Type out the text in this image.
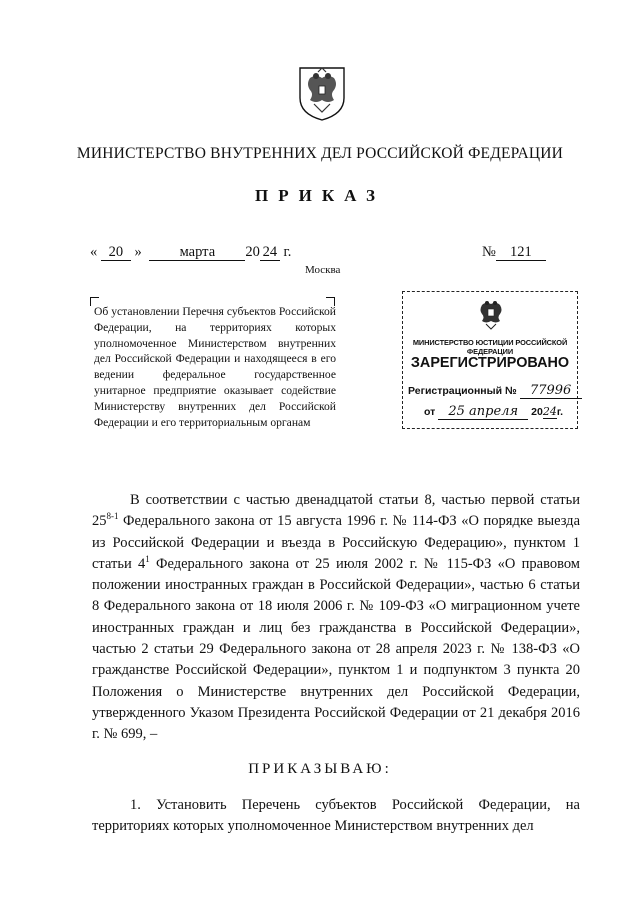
МИНИСТЕРСТВО ВНУТРЕННИХ ДЕЛ РОССИЙСКОЙ ФЕДЕРАЦИИ
ПРИКАЗ
« 20 »	марта 20 24 г.	№ 121
Москва
Об установлении Перечня субъектов Российской Федерации, на территориях которых уполномоченное Министерством внутренних дел Российской Федерации и находящееся в его ведении федеральное государственное унитарное предприятие оказывает содействие Министерству внутренних дел Российской Федерации и его территориальным органам
МИНИСТЕРСТВО ЮСТИЦИИ РОССИЙСКОЙ ФЕДЕРАЦИИ
ЗАРЕГИСТРИРОВАНО
Регистрационный № 77996
от 25 апреля 2024г.
В соответствии с частью двенадцатой статьи 8, частью первой статьи 25$^{8-1}$ Федерального закона от 15 августа 1996 г. № 114-ФЗ «О порядке выезда из Российской Федерации и въезда в Российскую Федерацию», пунктом 1 статьи $4^1$ Федерального закона от 25 июля 2002 г. № 115-ФЗ «О правовом положении иностранных граждан в Российской Федерации», частью 6 статьи 8 Федерального закона от 18 июля 2006 г. № 109-ФЗ «О миграционном учете иностранных граждан и лиц без гражданства в Российской Федерации», частью 2 статьи 29 Федерального закона от 28 апреля 2023 г. № 138-ФЗ «О гражданстве Российской Федерации», пунктом 1 и подпунктом 3 пункта 20 Положения о Министерстве внутренних дел Российской Федерации, утвержденного Указом Президента Российской Федерации от 21 декабря 2016 г. № 699, –
ПРИКАЗЫВАЮ:
1. Установить Перечень субъектов Российской Федерации, на территориях которых уполномоченное Министерством внутренних дел
